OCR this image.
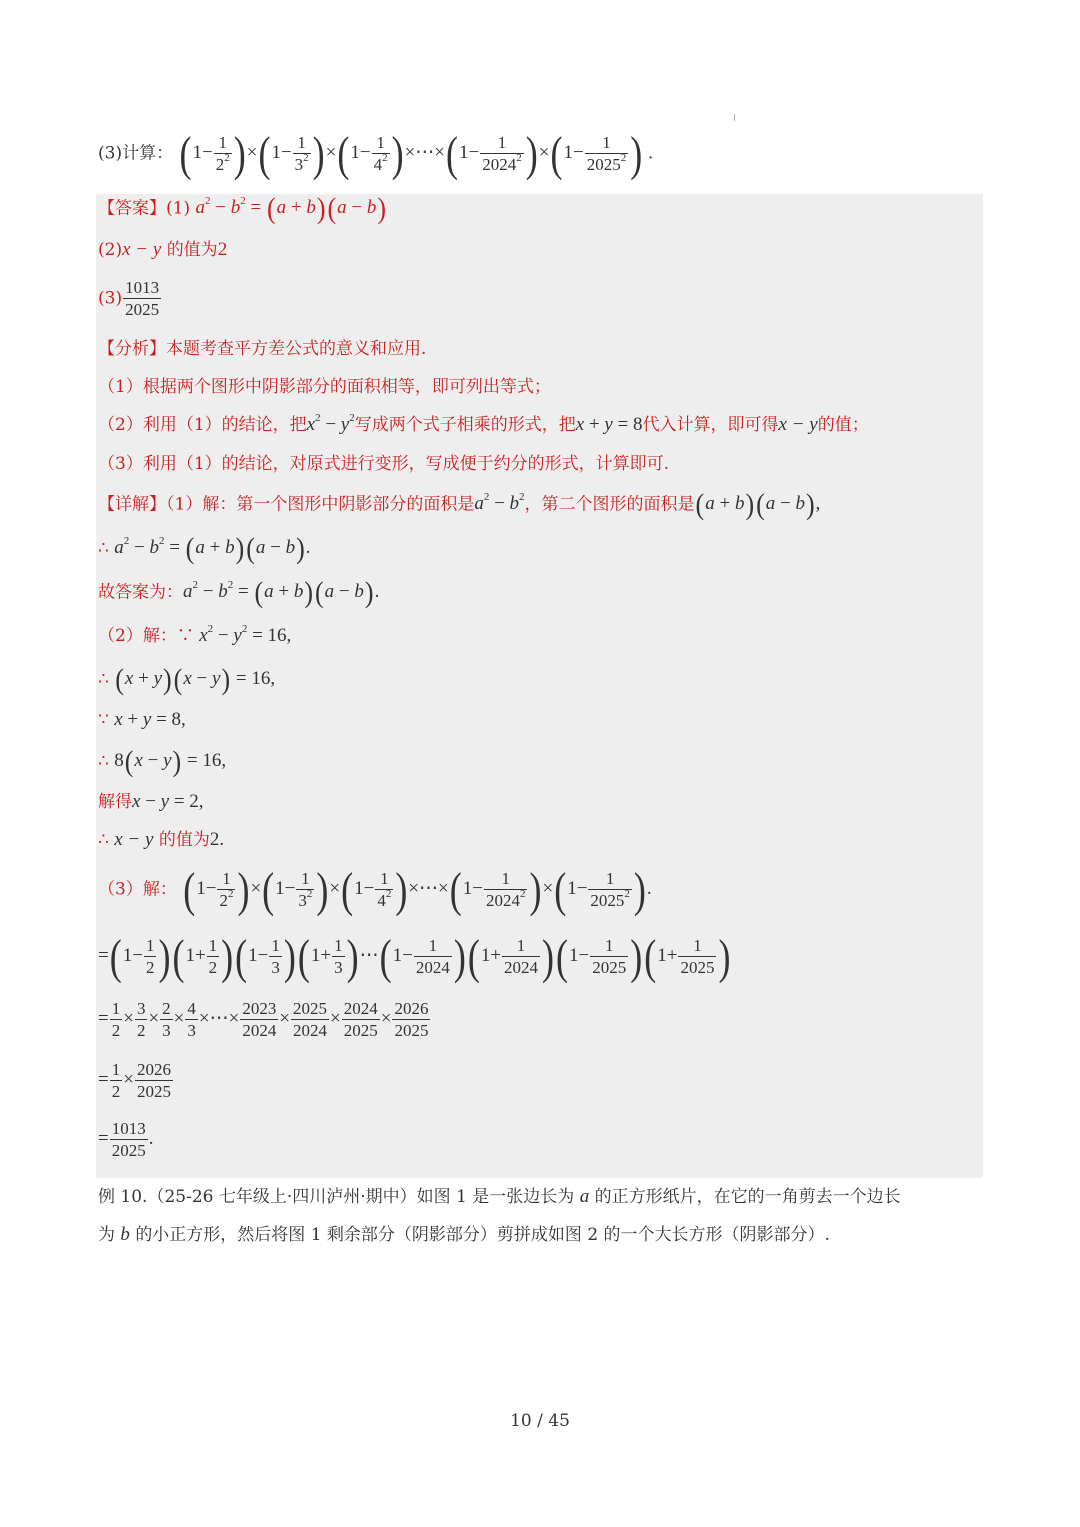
ǀ
(3)计算： $(1- \frac{1}{2^2} )\times(1- \frac{1}{3^2} )\times(1- \frac{1}{4^2}$ )×⋯×(1− $\frac{1}{2024^2} )\times(1- \frac{1}{2025^2}$ ) .
【答案】(1) $a^2 - b^2 = (a + b)(a - b)$
(2)x − y 的值为2
$(3) \frac{1013}{2025}$
【分析】本题考查平方差公式的意义和应用.
（1）根据两个图形中阴影部分的面积相等，即可列出等式；
（2）利用（1）的结论，把$x^2 - y^2$写成两个式子相乘的形式，把x + y = 8代入计算，即可得x − y的值；
（3）利用（1）的结论，对原式进行变形，写成便于约分的形式，计算即可.
【详解】（1）解：第一个图形中阴影部分的面积是$a^2 - b^2$，第二个图形的面积是(a + b)(a − b),
∴ $a^2 - b^2 = (a + b)(a - b)$.
故答案为：$a^2 - b^2 = (a + b)(a - b)$.
（2）解：∵ $x^2 - y^2 = 16$,
∴ (x + y)(x − y) = 16,
∵ x + y = 8,
∴ 8(x − y) = 16,
解得x − y = 2,
∴ x − y 的值为2.
（3）解： $(1- \frac{1}{2^2} )\times(1- \frac{1}{3^2} )\times(1- \frac{1}{4^2}$ )×⋯×(1− $\frac{1}{2024^2} )\times(1- \frac{1}{2025^2}$ ).
$=(1- \frac{1}{2} )(1+ \frac{1}{2} )(1- \frac{1}{3} )(1+ \frac{1}{3}$ )⋯(1− $\frac{1}{2024} )(1+ \frac{1}{2024} )(1- \frac{1}{2025} )(1+ \frac{1}{2025}$ )
= $\frac{1}{2} \times \frac{3}{2} \times \frac{2}{3} \times \frac{4}{3}$ ×⋯× $\frac{2023}{2024} \times \frac{2025}{2024} \times \frac{2024}{2025} \times \frac{2026}{2025}$
= $\frac{1}{2} \times \frac{2026}{2025}$
= $\frac{1013}{2025}$ .
例 10.（25-26 七年级上·四川泸州·期中）如图 1 是一张边长为 a 的正方形纸片，在它的一角剪去一个边长
为 b 的小正方形，然后将图 1 剩余部分（阴影部分）剪拼成如图 2 的一个大长方形（阴影部分）.
10 / 45
